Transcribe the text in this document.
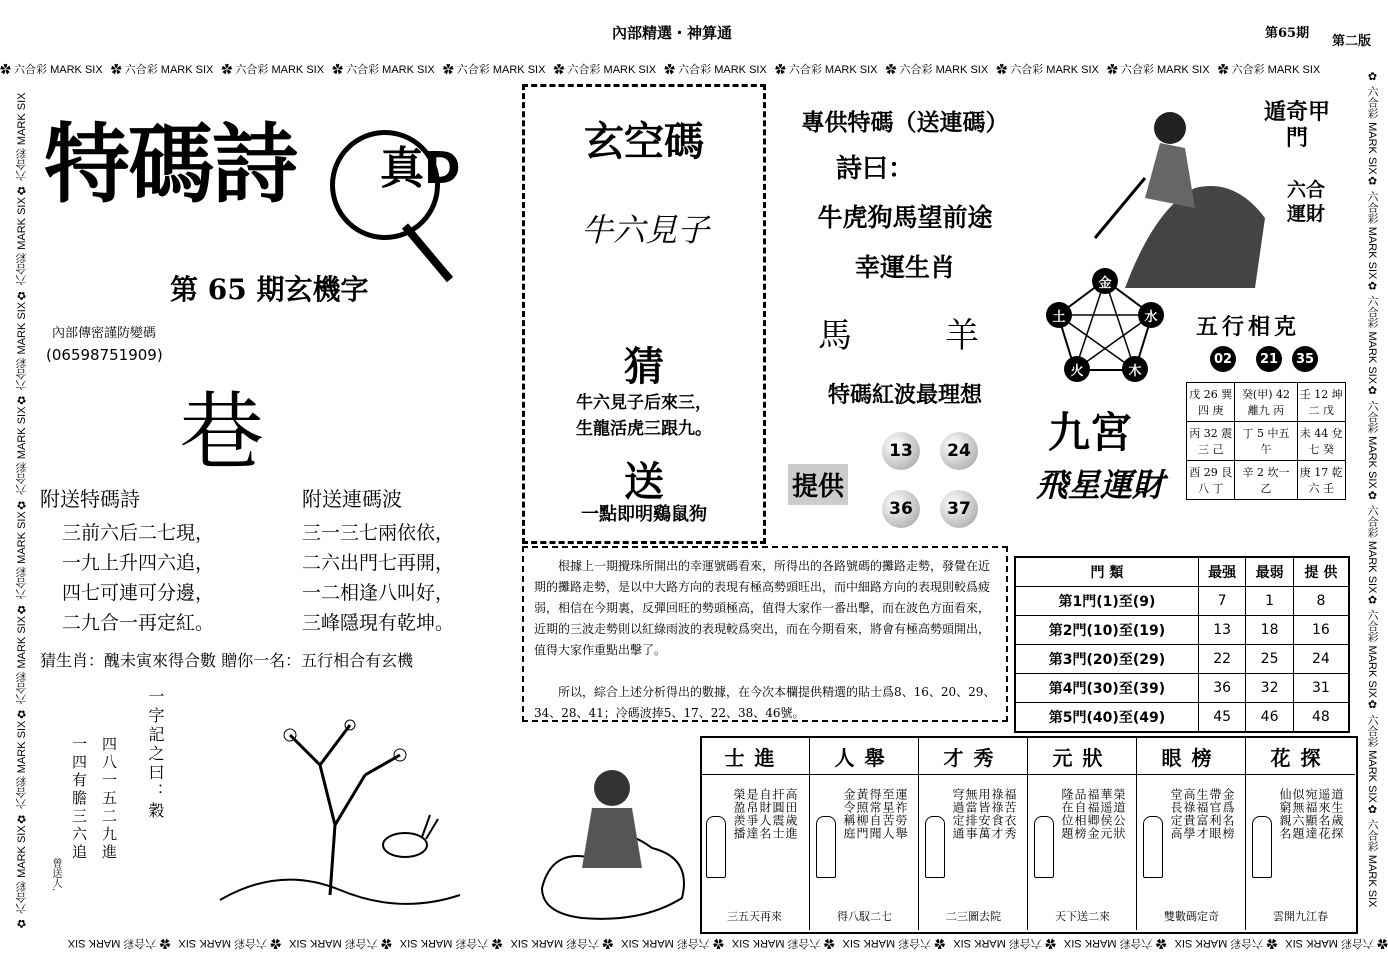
內部精選・神算通	第65期
第二版
✿ 六合彩 MARK SIX ✿ 六合彩 MARK SIX ✿ 六合彩 MARK SIX ✿ 六合彩 MARK SIX ✿ 六合彩 MARK SIX ✿ 六合彩 MARK SIX ✿ 六合彩 MARK SIX ✿ 六合彩 MARK SIX ✿ 六合彩 MARK SIX ✿ 六合彩 MARK SIX ✿ 六合彩 MARK SIX ✿ 六合彩 MARK SIX
✿ 六合彩 MARK SIX
✿ 六合彩 MARK SIX
✿ 六合彩 MARK SIX
✿ 六合彩 MARK SIX
✿ 六合彩 MARK SIX
✿ 六合彩 MARK SIX
✿ 六合彩 MARK SIX
✿ 六合彩 MARK SIX
✿ 六合彩 MARK SIX
✿ 六合彩 MARK SIX
✿ 六合彩 MARK SIX
✿ 六合彩 MARK SIX
✿ 六合彩 MARK SIX✿ 六合彩 MARK SIX✿ 六合彩 MARK SIX✿ 六合彩 MARK SIX✿ 六合彩 MARK SIX✿ 六合彩 MARK SIX✿ 六合彩 MARK SIX✿ 六合彩 MARK SIX	✿ 六合彩 MARK SIX✿ 六合彩 MARK SIX✿ 六合彩 MARK SIX✿ 六合彩 MARK SIX✿ 六合彩 MARK SIX✿ 六合彩 MARK SIX✿ 六合彩 MARK SIX✿ 六合彩 MARK SIX
特碼詩 真D
第 65 期玄機字
內部傳密謹防變碼
(06598751909)
巷
附送特碼詩
三前六后二七現，
一九上升四六追，
四七可連可分邊，
二九合一再定紅。
附送連碼波
三一三七兩依依，
二六出門七再開，
一二相逢八叫好，
三峰隱現有乾坤。
猜生肖：醜未寅來得合數 贈你一名：五行相合有玄機
一字記之曰：穀
四八一五二九進
一四有膽三六追
曾送人.
玄空碼
牛六見子
猜
牛六見子后來三，
生龍活虎三跟九。
送
一點即明鷄鼠狗
專供特碼（送連碼）
詩曰：
牛虎狗馬望前途
幸運生肖
馬	羊
特碼紅波最理想
提供
13	24
36	37
遁奇甲門
六合運財
金
水
木
火
土	五行相克
02	21	35
九宮
飛星運財
戊 26 巽四 庚	癸(甲) 42 離九 丙	壬 12 坤二 戊
丙 32 震三 己	丁 5 中五 午	未 44 兌七 癸
酉 29 艮八 丁	辛 2 坎一 乙	庚 17 乾六 壬
根據上一期攪珠所開出的幸運號碼看來，所得出的各路號碼的攤路走勢，發覺在近期的攤路走勢，是以中大路方向的表現有極高勢頭旺出，而中細路方向的表現則較爲疲弱，相信在今期裏，反彈回旺的勢頭極高，值得大家作一番出擊，而在波色方面看來，近期的三波走勢則以紅綠雨波的表現較爲突出，而在今期看來，將會有極高勢頭開出，值得大家作重點出擊了。
所以，綜合上述分析得出的數據，在今次本欄提供精選的貼士爲8、16、20、29、34、28、41；冷碼波捧5、17、22、38、46號。
門 類	最强	最弱	提 供
第1門(1)至(9)	7	1	8
第2門(10)至(19)	13	18	16
第3門(20)至(29)	22	25	24
第4門(30)至(39)	36	32	31
第5門(40)至(49)	45	46	48
士進
高田歲進
扞圓震士
自財人名
是帛爭達
榮盈羨播
三五天再來
人舉
運祚勞舉
至星苦人
得常自聞
黃照柳門
金令稱庭
得八馭二七
才秀
福苦衣秀
祿祿食才
用皆安萬
無當排事
穹過定通
二三圖去院
元狀
榮道公狀
華遥侯元
福福卿金
品自相榜
隆在位題
天下送二來
眼榜
金爲名榜
帶官利眼
生福富才
高祿貴學
堂長定高
雙數碼定奇
花探
道生歲探
遥來名花
宛福顯達
似無六題
仙窮親名
雲開九江春
